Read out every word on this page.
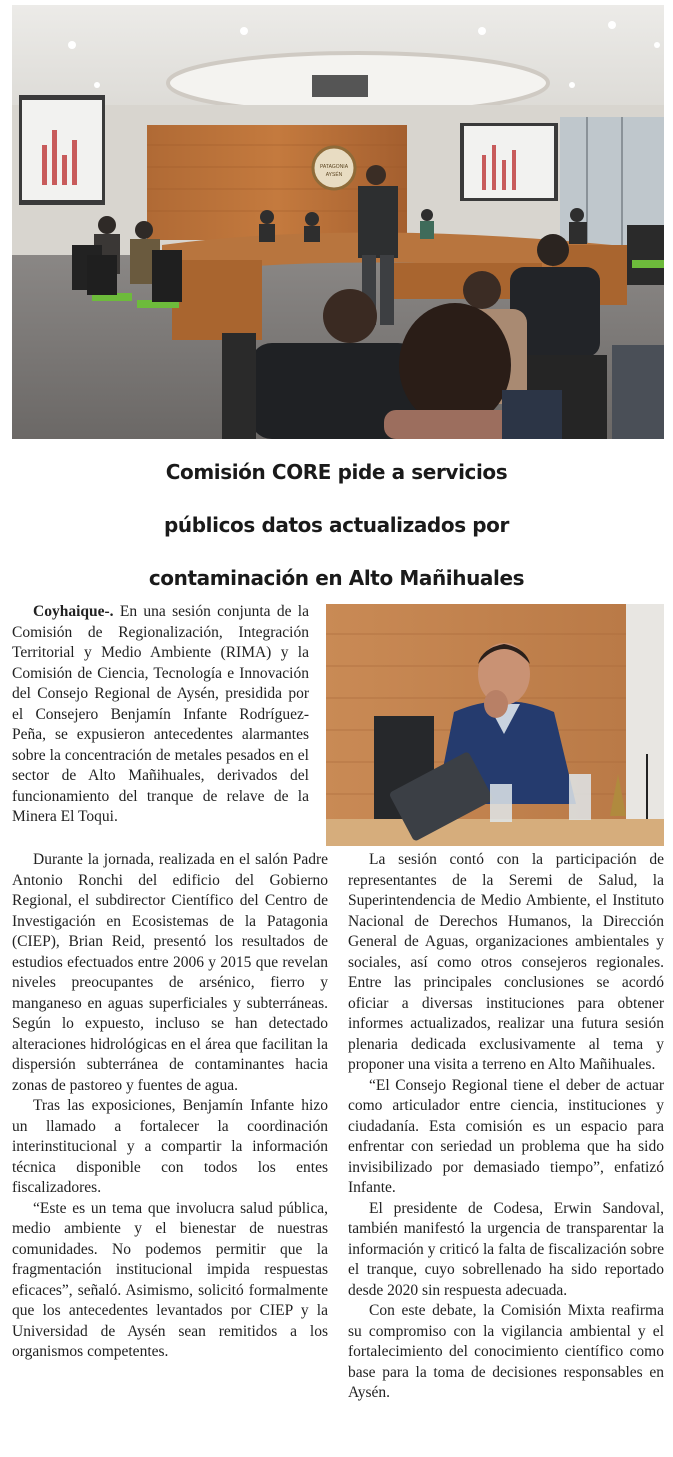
PATAGONIA
AYSÉN
Comisión CORE pide a servicios
públicos datos actualizados por
contaminación en Alto Mañihuales

Coyhaique-. En una sesión conjunta de la Comisión de Regionalización, Integración Territorial y Medio Ambiente (RIMA) y la Comisión de Ciencia, Tecnología e Innovación del Consejo Regional de Aysén, presidida por el Consejero Benjamín Infante Rodríguez-Peña, se expusieron antecedentes alarmantes sobre la concentración de metales pesados en el sector de Alto Mañihuales, derivados del funcionamiento del tranque de relave de la Minera El Toqui.

Durante la jornada, realizada en el salón Padre Antonio Ronchi del edificio del Gobierno Regional, el subdirector Científico del Centro de Investigación en Ecosistemas de la Patagonia (CIEP), Brian Reid, presentó los resultados de estudios efectuados entre 2006 y 2015 que revelan niveles preocupantes de arsénico, fierro y manganeso en aguas superficiales y subterráneas. Según lo expuesto, incluso se han detectado alteraciones hidrológicas en el área que facilitan la dispersión subterránea de contaminantes hacia zonas de pastoreo y fuentes de agua.

Tras las exposiciones, Benjamín Infante hizo un llamado a fortalecer la coordinación interinstitucional y a compartir la información técnica disponible con todos los entes fiscalizadores.

“Este es un tema que involucra salud pública, medio ambiente y el bienestar de nuestras comunidades. No podemos permitir que la fragmentación institucional impida respuestas eficaces”, señaló. Asimismo, solicitó formalmente que los antecedentes levantados por CIEP y la Universidad de Aysén sean remitidos a los organismos competentes.

La sesión contó con la participación de representantes de la Seremi de Salud, la Superintendencia de Medio Ambiente, el Instituto Nacional de Derechos Humanos, la Dirección General de Aguas, organizaciones ambientales y sociales, así como otros consejeros regionales. Entre las principales conclusiones se acordó oficiar a diversas instituciones para obtener informes actualizados, realizar una futura sesión plenaria dedicada exclusivamente al tema y proponer una visita a terreno en Alto Mañihuales.

“El Consejo Regional tiene el deber de actuar como articulador entre ciencia, instituciones y ciudadanía. Esta comisión es un espacio para enfrentar con seriedad un problema que ha sido invisibilizado por demasiado tiempo”, enfatizó Infante.

El presidente de Codesa, Erwin Sandoval, también manifestó la urgencia de transparentar la información y criticó la falta de fiscalización sobre el tranque, cuyo sobrellenado ha sido reportado desde 2020 sin respuesta adecuada.

Con este debate, la Comisión Mixta reafirma su compromiso con la vigilancia ambiental y el fortalecimiento del conocimiento científico como base para la toma de decisiones responsables en Aysén.
